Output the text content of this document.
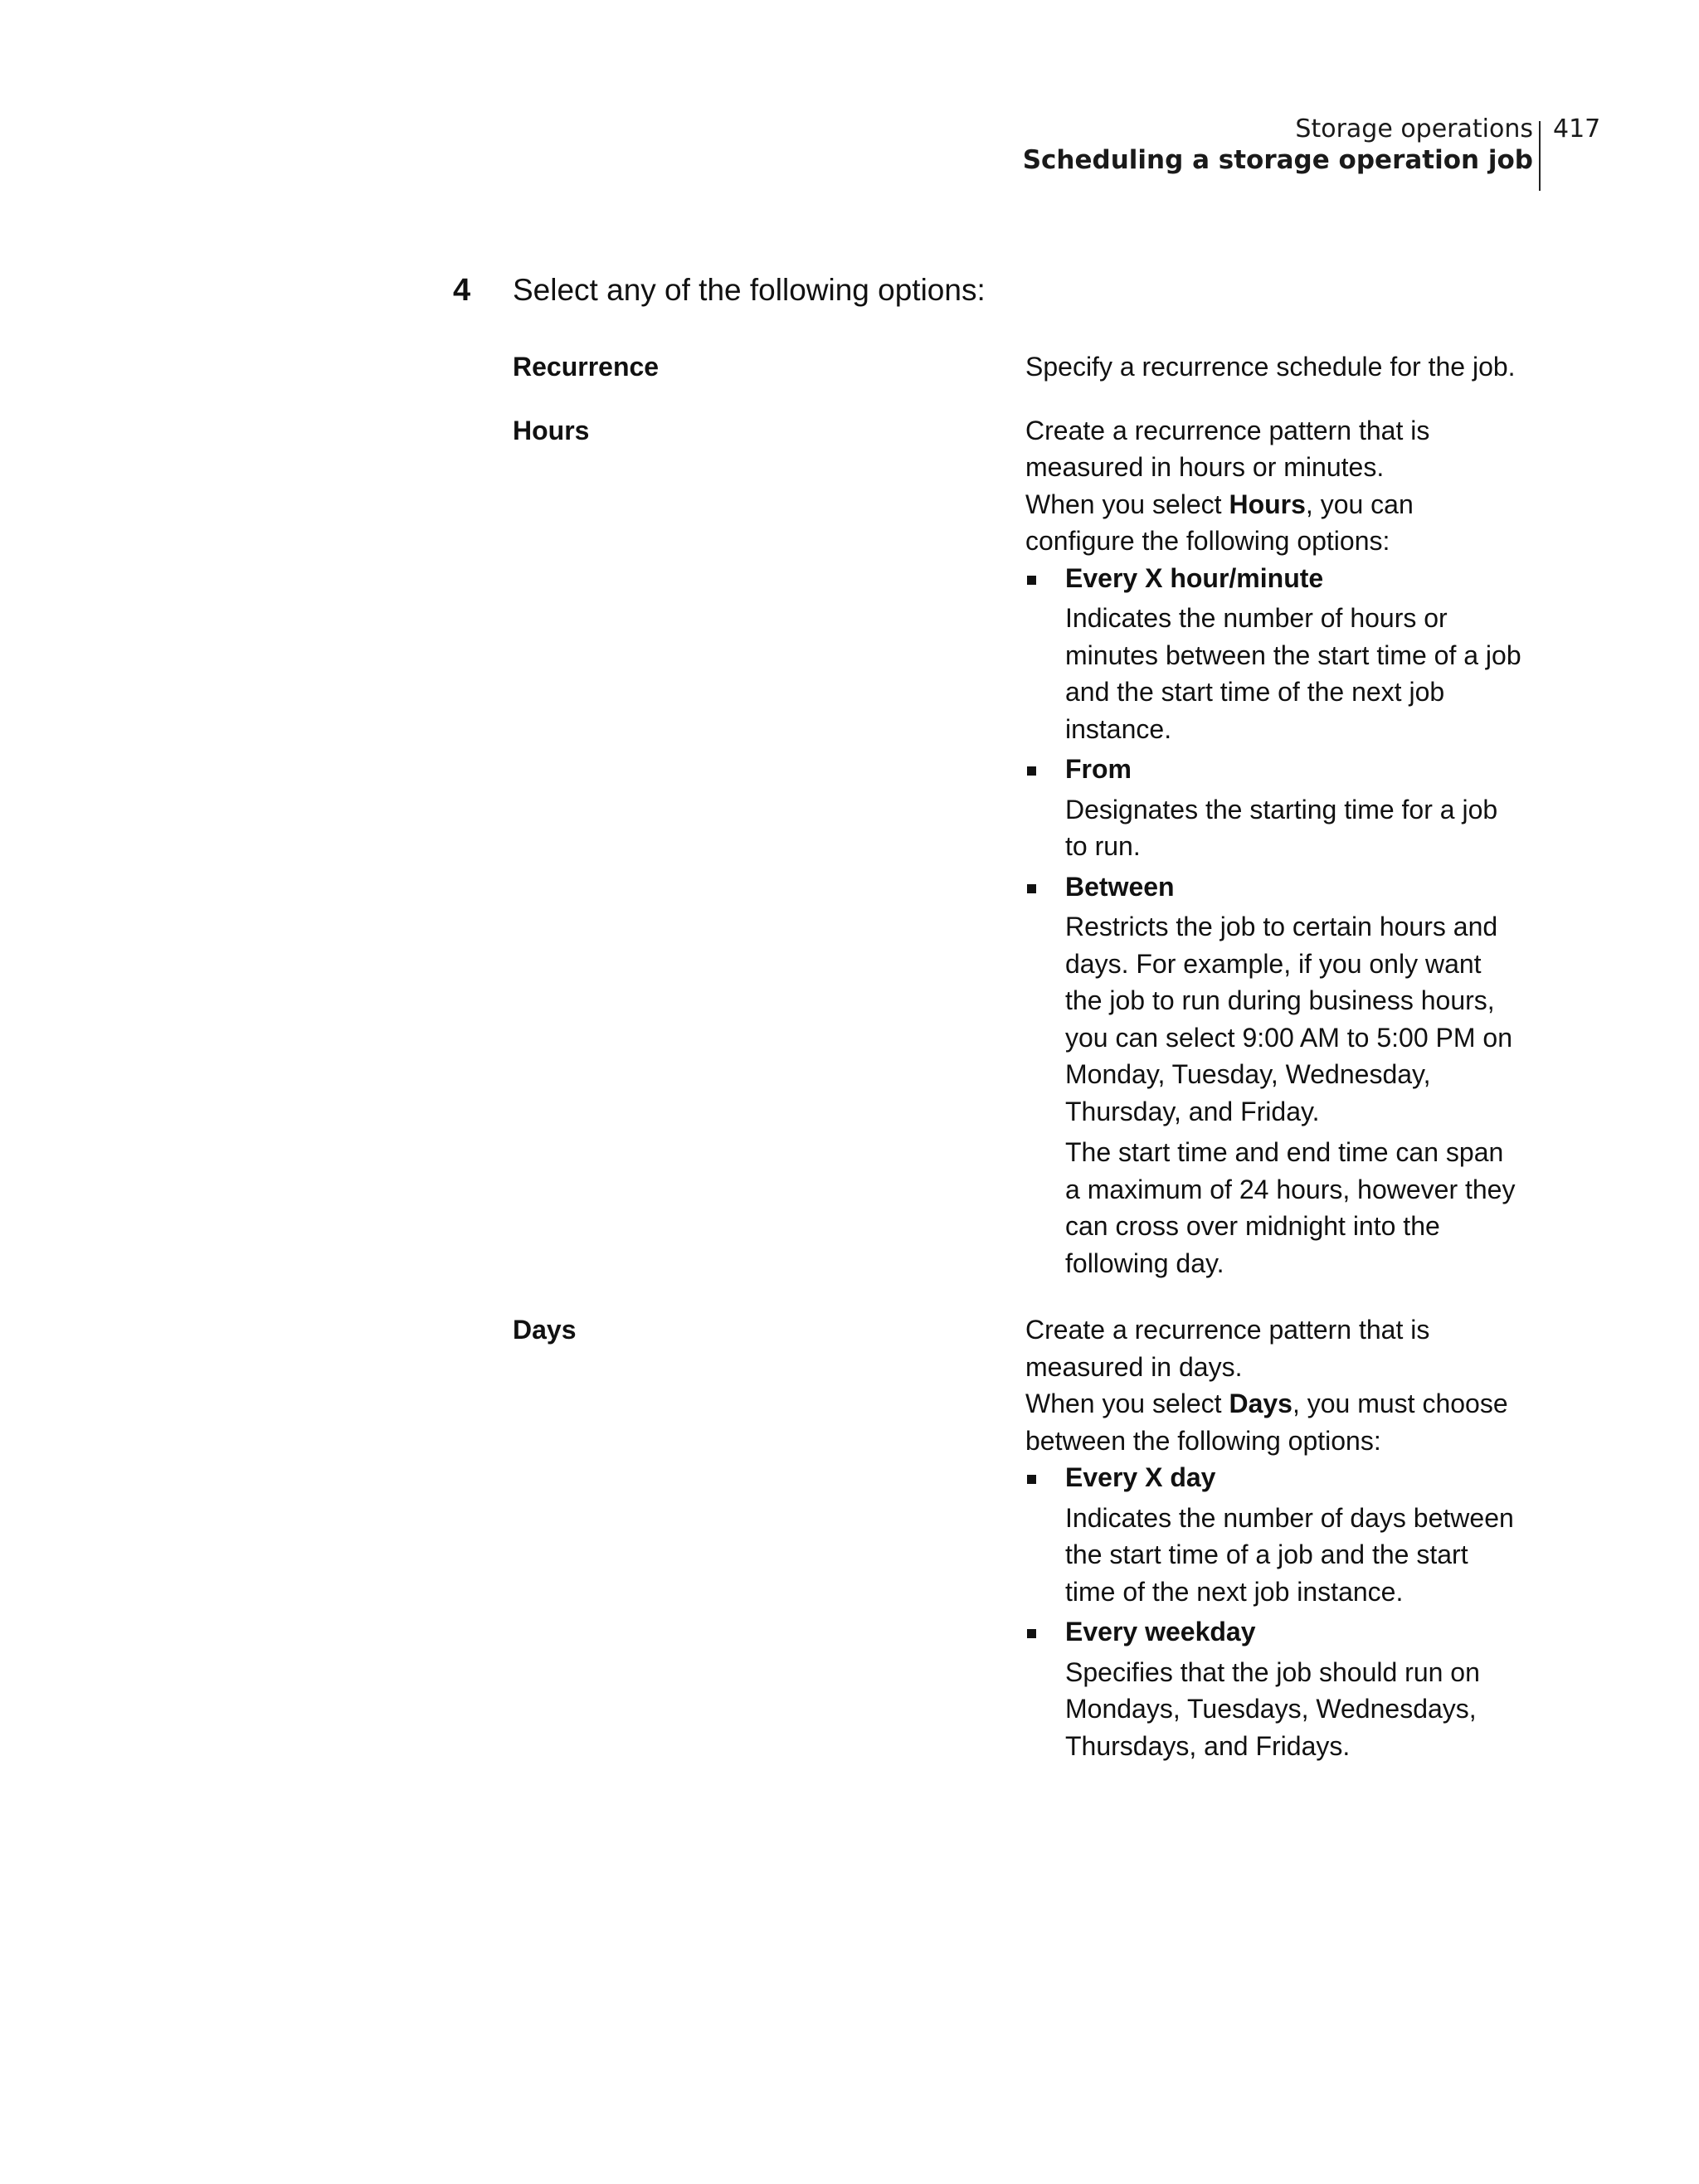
Storage operations
Scheduling a storage operation job
417
4 Select any of the following options:
Recurrence	Specify a recurrence schedule for the job.

Hours	Create a recurrence pattern that is measured in hours or minutes.

When you select Hours, you can configure the following options:

Every X hour/minute
Indicates the number of hours or minutes between the start time of a job and the start time of the next job instance.
From
Designates the starting time for a job to run.
Between
Restricts the job to certain hours and days. For example, if you only want the job to run during business hours, you can select 9:00 AM to 5:00 PM on Monday, Tuesday, Wednesday, Thursday, and Friday.
The start time and end time can span a maximum of 24 hours, however they can cross over midnight into the following day.
Days	Create a recurrence pattern that is measured in days.

When you select Days, you must choose between the following options:

Every X day
Indicates the number of days between the start time of a job and the start time of the next job instance.
Every weekday
Specifies that the job should run on Mondays, Tuesdays, Wednesdays, Thursdays, and Fridays.
